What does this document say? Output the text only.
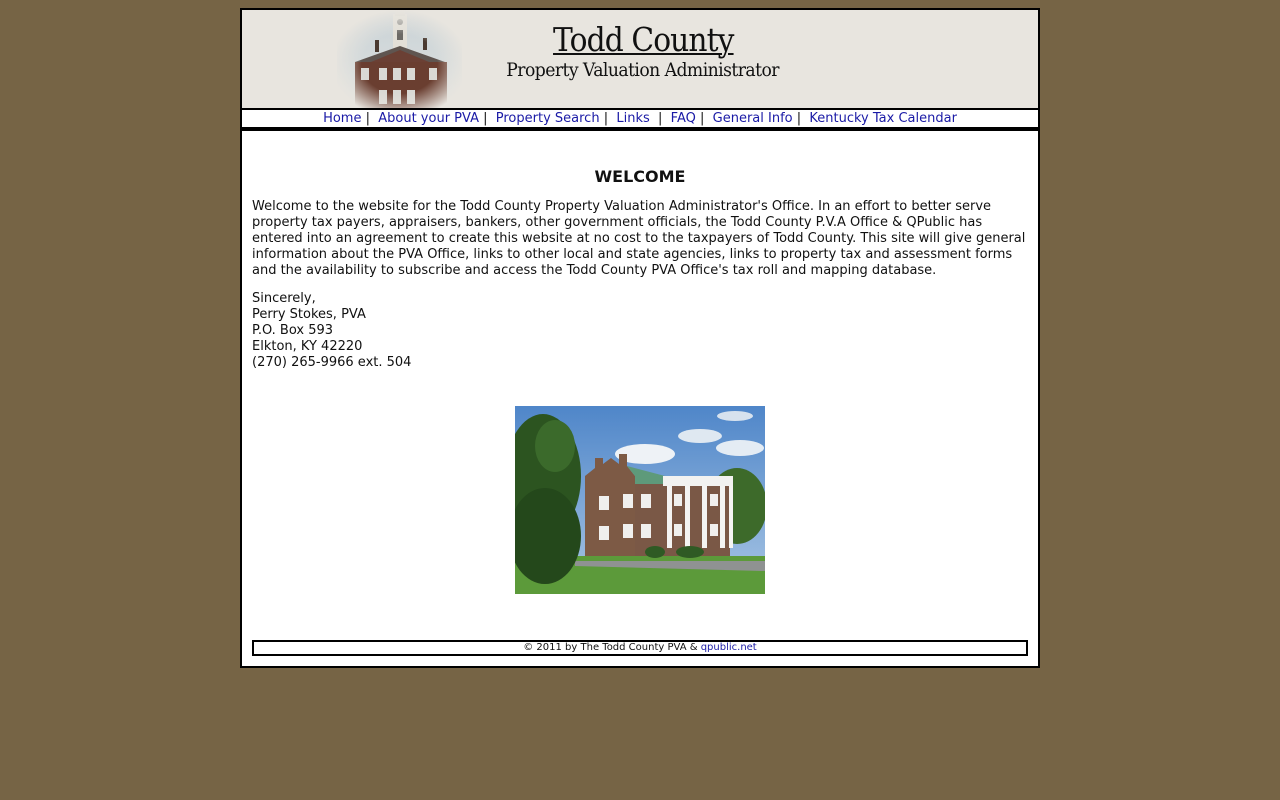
Todd County
Property Valuation Administrator
Home |  About your PVA |  Property Search |  Links  |  FAQ |  General Info |  Kentucky Tax Calendar
WELCOME

Welcome to the website for the Todd County Property Valuation Administrator's Office. In an effort to better serve property tax payers, appraisers, bankers, other government officials, the Todd County P.V.A Office & QPublic has entered into an agreement to create this website at no cost to the taxpayers of Todd County. This site will give general information about the PVA Office, links to other local and state agencies, links to property tax and assessment forms and the availability to subscribe and access the Todd County PVA Office's tax roll and mapping database.

Sincerely,
Perry Stokes, PVA
P.O. Box 593
Elkton, KY 42220
(270) 265-9966 ext. 504
© 2011 by The Todd County PVA & qpublic.net
